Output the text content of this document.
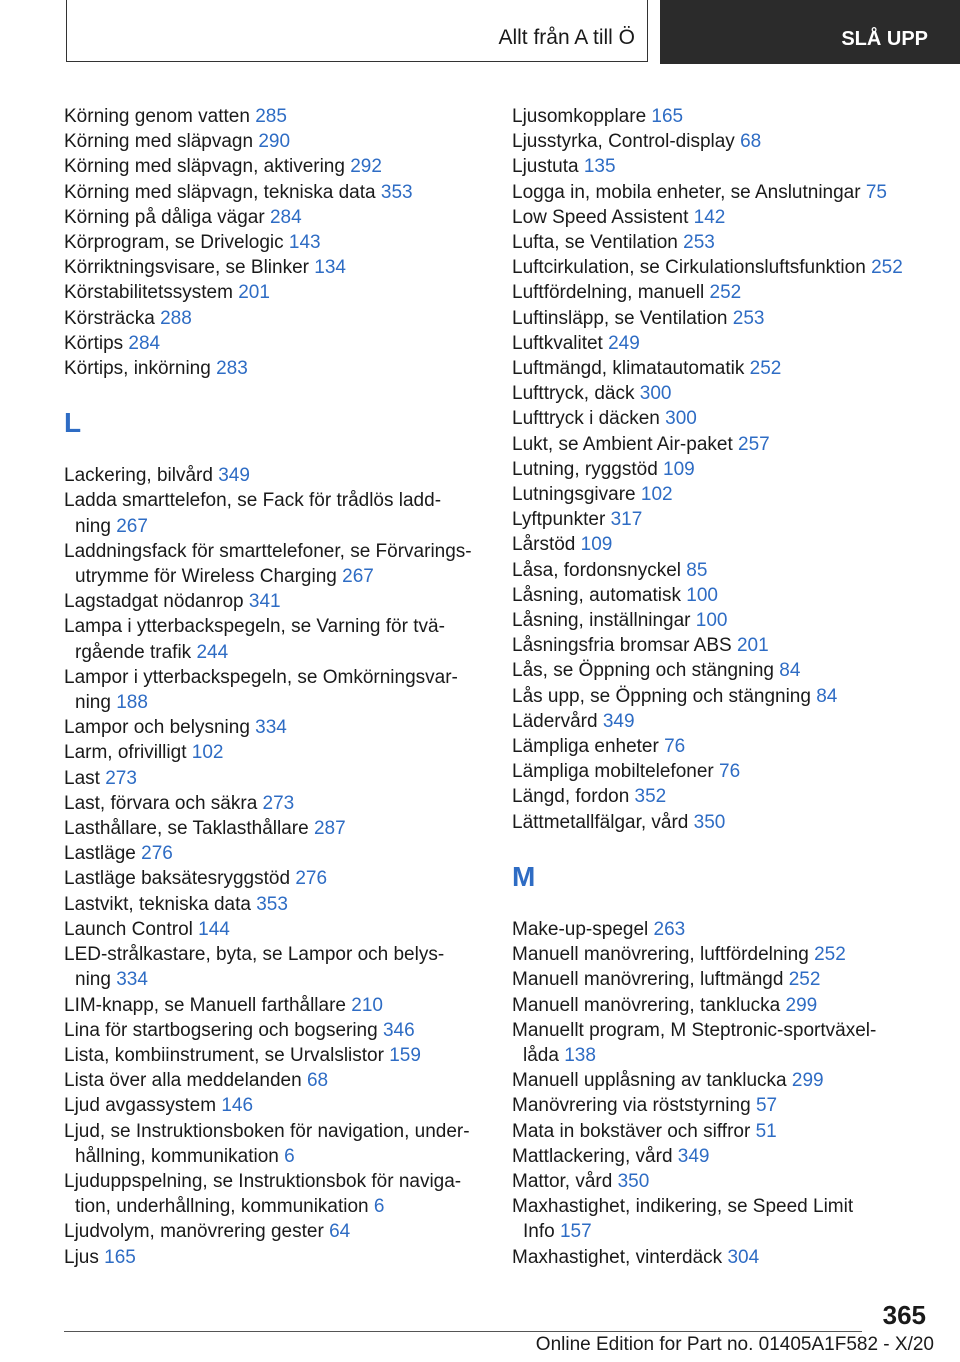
Allt från A till Ö	SLÅ UPP
Körning genom vatten 285
Körning med släpvagn 290
Körning med släpvagn, aktivering 292
Körning med släpvagn, tekniska data 353
Körning på dåliga vägar 284
Körprogram, se Drivelogic 143
Körriktningsvisare, se Blinker 134
Körstabilitetssystem 201
Körsträcka 288
Körtips 284
Körtips, inkörning 283
L
Lackering, bilvård 349
Ladda smarttelefon, se Fack för trådlös ladd-
ning 267
Laddningsfack för smarttelefoner, se Förvarings-
utrymme för Wireless Charging 267
Lagstadgat nödanrop 341
Lampa i ytterbackspegeln, se Varning för tvä-
rgående trafik 244
Lampor i ytterbackspegeln, se Omkörningsvar-
ning 188
Lampor och belysning 334
Larm, ofrivilligt 102
Last 273
Last, förvara och säkra 273
Lasthållare, se Taklasthållare 287
Lastläge 276
Lastläge baksätesryggstöd 276
Lastvikt, tekniska data 353
Launch Control 144
LED-strålkastare, byta, se Lampor och belys-
ning 334
LIM-knapp, se Manuell farthållare 210
Lina för startbogsering och bogsering 346
Lista, kombiinstrument, se Urvalslistor 159
Lista över alla meddelanden 68
Ljud avgassystem 146
Ljud, se Instruktionsboken för navigation, under-
hållning, kommunikation 6
Ljuduppspelning, se Instruktionsbok för naviga-
tion, underhållning, kommunikation 6
Ljudvolym, manövrering gester 64
Ljus 165
Ljusomkopplare 165
Ljusstyrka, Control-display 68
Ljustuta 135
Logga in, mobila enheter, se Anslutningar 75
Low Speed Assistent 142
Lufta, se Ventilation 253
Luftcirkulation, se Cirkulationsluftsfunktion 252
Luftfördelning, manuell 252
Luftinsläpp, se Ventilation 253
Luftkvalitet 249
Luftmängd, klimatautomatik 252
Lufttryck, däck 300
Lufttryck i däcken 300
Lukt, se Ambient Air-paket 257
Lutning, ryggstöd 109
Lutningsgivare 102
Lyftpunkter 317
Lårstöd 109
Låsa, fordonsnyckel 85
Låsning, automatisk 100
Låsning, inställningar 100
Låsningsfria bromsar ABS 201
Lås, se Öppning och stängning 84
Lås upp, se Öppning och stängning 84
Lädervård 349
Lämpliga enheter 76
Lämpliga mobiltelefoner 76
Längd, fordon 352
Lättmetallfälgar, vård 350
M
Make-up-spegel 263
Manuell manövrering, luftfördelning 252
Manuell manövrering, luftmängd 252
Manuell manövrering, tanklucka 299
Manuellt program, M Steptronic-sportväxel-
låda 138
Manuell upplåsning av tanklucka 299
Manövrering via röststyrning 57
Mata in bokstäver och siffror 51
Mattlackering, vård 349
Mattor, vård 350
Maxhastighet, indikering, se Speed Limit
Info 157
Maxhastighet, vinterdäck 304
365
Online Edition for Part no. 01405A1F582 - X/20
